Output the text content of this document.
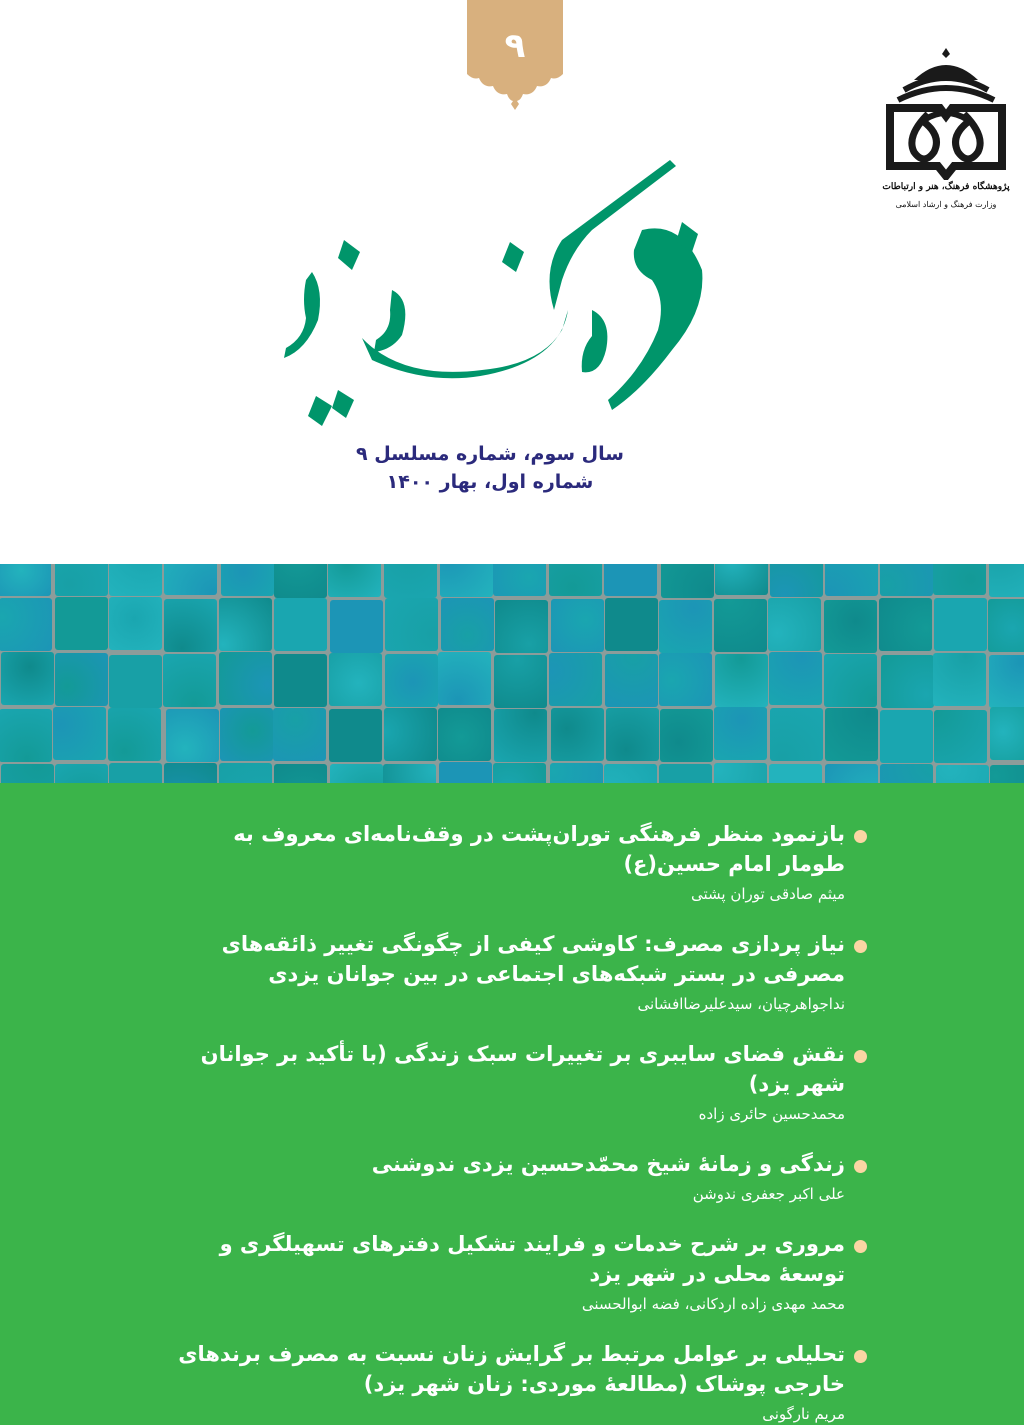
۹
پژوهشگاه فرهنگ، هنر و ارتباطات
وزارت فرهنگ و ارشاد اسلامی
سال سوم، شماره مسلسل ۹
شماره اول، بهار ۱۴۰۰
بازنمود منظر فرهنگی توران‌پشت در وقف‌نامه‌ای معروف به طومار امام حسین(ع)
میثم صادقی توران پشتی
نیاز پردازی مصرف: کاوشی کیفی از چگونگی تغییر ذائقه‌های مصرفی در بستر شبکه‌های اجتماعی در بین جوانان یزدی
نداجواهرچیان، سیدعلیرضاافشانی
نقش فضای سایبری بر تغییرات سبک زندگی (با تأکید بر جوانان شهر یزد)
محمدحسین حائری زاده
زندگی و زمانهٔ شیخ محمّدحسین یزدی ندوشنی
علی اکبر جعفری ندوشن
مروری بر شرح خدمات و فرایند تشکیل دفترهای تسهیلگری و توسعهٔ محلی در شهر یزد
محمد مهدی زاده اردکانی، فضه ابوالحسنی
تحلیلی بر عوامل مرتبط بر گرایش زنان نسبت به مصرف برندهای خارجی پوشاک (مطالعهٔ موردی: زنان شهر یزد)
مریم نارگونی
